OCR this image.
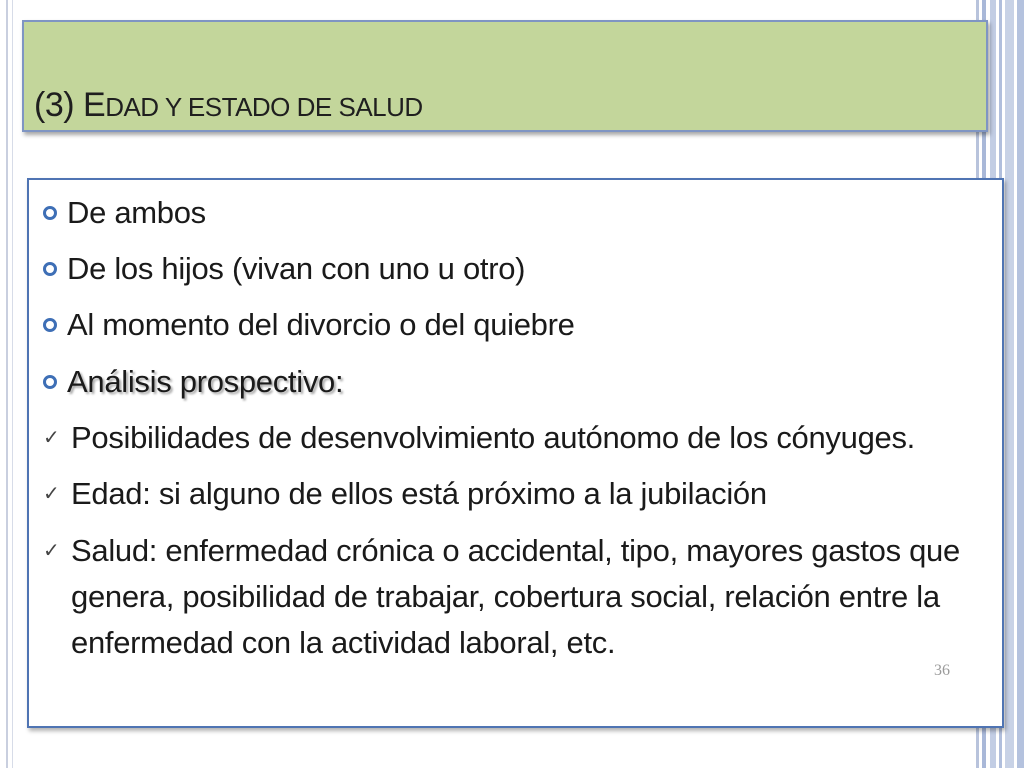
(3) EDAD Y ESTADO DE SALUD
De ambos
De los hijos (vivan con uno u otro)
Al momento del divorcio o del quiebre
Análisis prospectivo:
✓ Posibilidades de desenvolvimiento autónomo de los cónyuges.
✓ Edad: si alguno de ellos está próximo a la jubilación
✓ Salud: enfermedad crónica o accidental, tipo, mayores gastos que genera, posibilidad de trabajar, cobertura social, relación entre la enfermedad con la actividad laboral, etc.
36
